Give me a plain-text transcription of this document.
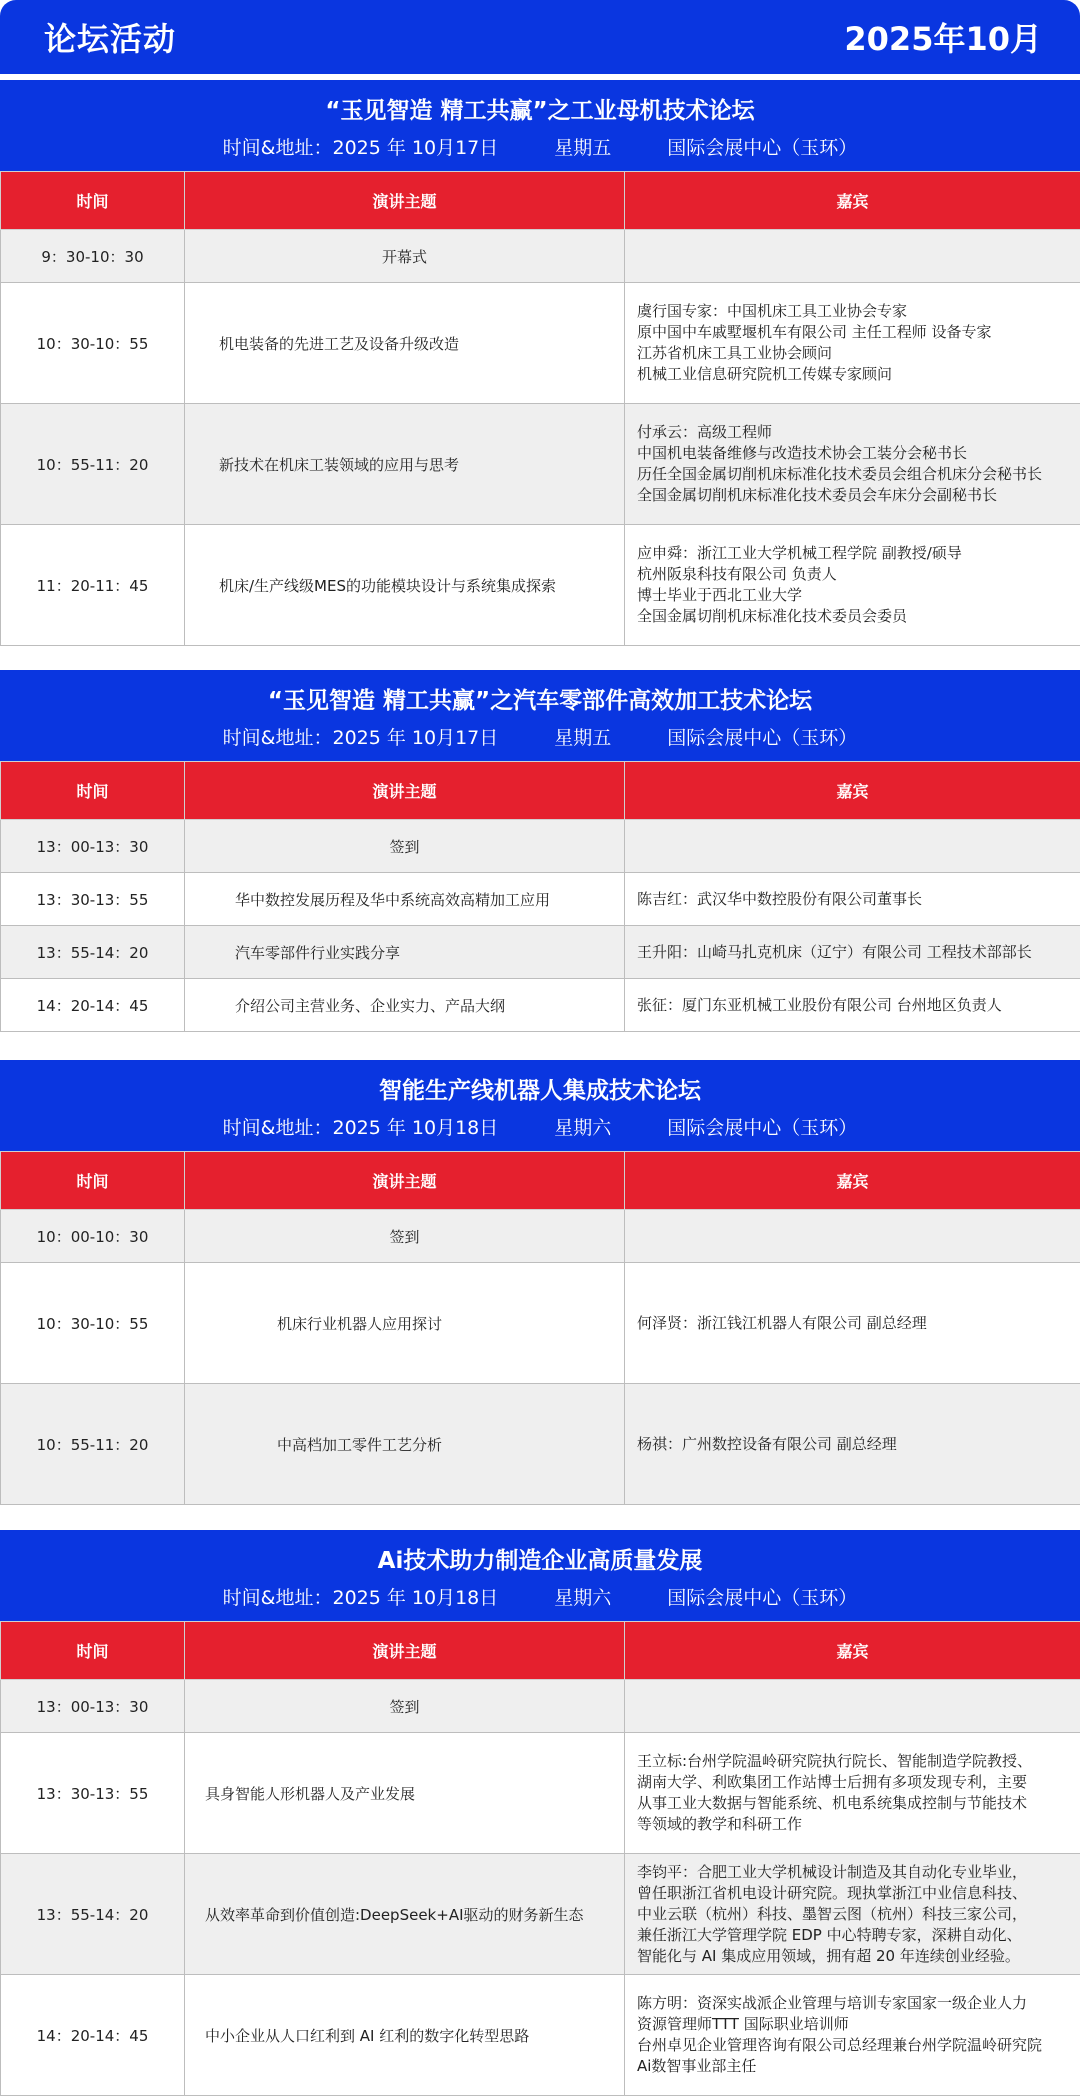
论坛活动	2025年10月
“玉见智造 精工共赢”之工业母机技术论坛
时间&地址：2025 年 10月17日	星期五	国际会展中心（玉环）
时间	演讲主题	嘉宾
9：30-10：30	开幕式	
10：30-10：55	机电装备的先进工艺及设备升级改造	虞行国专家：中国机床工具工业协会专家
原中国中车戚墅堰机车有限公司 主任工程师 设备专家
江苏省机床工具工业协会顾问
机械工业信息研究院机工传媒专家顾问

10：55-11：20	新技术在机床工装领域的应用与思考	付承云：高级工程师
中国机电装备维修与改造技术协会工装分会秘书长
历任全国金属切削机床标准化技术委员会组合机床分会秘书长
全国金属切削机床标准化技术委员会车床分会副秘书长

11：20-11：45	机床/生产线级MES的功能模块设计与系统集成探索	应申舜：浙江工业大学机械工程学院 副教授/硕导
杭州阪泉科技有限公司 负责人
博士毕业于西北工业大学
全国金属切削机床标准化技术委员会委员
“玉见智造 精工共赢”之汽车零部件高效加工技术论坛
时间&地址：2025 年 10月17日	星期五	国际会展中心（玉环）
时间	演讲主题	嘉宾
13：00-13：30	签到	
13：30-13：55	华中数控发展历程及华中系统高效高精加工应用	陈吉红：武汉华中数控股份有限公司董事长

13：55-14：20	汽车零部件行业实践分享	王升阳：山崎马扎克机床（辽宁）有限公司 工程技术部部长

14：20-14：45	介绍公司主营业务、企业实力、产品大纲	张征：厦门东亚机械工业股份有限公司 台州地区负责人
智能生产线机器人集成技术论坛
时间&地址：2025 年 10月18日	星期六	国际会展中心（玉环）
时间	演讲主题	嘉宾
10：00-10：30	签到	
10：30-10：55	机床行业机器人应用探讨	何泽贤：浙江钱江机器人有限公司 副总经理

10：55-11：20	中高档加工零件工艺分析	杨祺：广州数控设备有限公司 副总经理
Ai技术助力制造企业高质量发展
时间&地址：2025 年 10月18日	星期六	国际会展中心（玉环）
时间	演讲主题	嘉宾
13：00-13：30	签到	
13：30-13：55	具身智能人形机器人及产业发展	王立标:台州学院温岭研究院执行院长、智能制造学院教授、
湖南大学、利欧集团工作站博士后拥有多项发现专利，主要
从事工业大数据与智能系统、机电系统集成控制与节能技术
等领域的教学和科研工作

13：55-14：20	从效率革命到价值创造:DeepSeek+AI驱动的财务新生态	李钧平：合肥工业大学机械设计制造及其自动化专业毕业，
曾任职浙江省机电设计研究院。现执掌浙江中业信息科技、
中业云联（杭州）科技、墨智云图（杭州）科技三家公司，
兼任浙江大学管理学院 EDP 中心特聘专家，深耕自动化、
智能化与 AI 集成应用领域，拥有超 20 年连续创业经验。

14：20-14：45	中小企业从人口红利到 AI 红利的数字化转型思路	陈方明：资深实战派企业管理与培训专家国家一级企业人力
资源管理师TTT 国际职业培训师
台州卓见企业管理咨询有限公司总经理兼台州学院温岭研究院
Ai数智事业部主任
